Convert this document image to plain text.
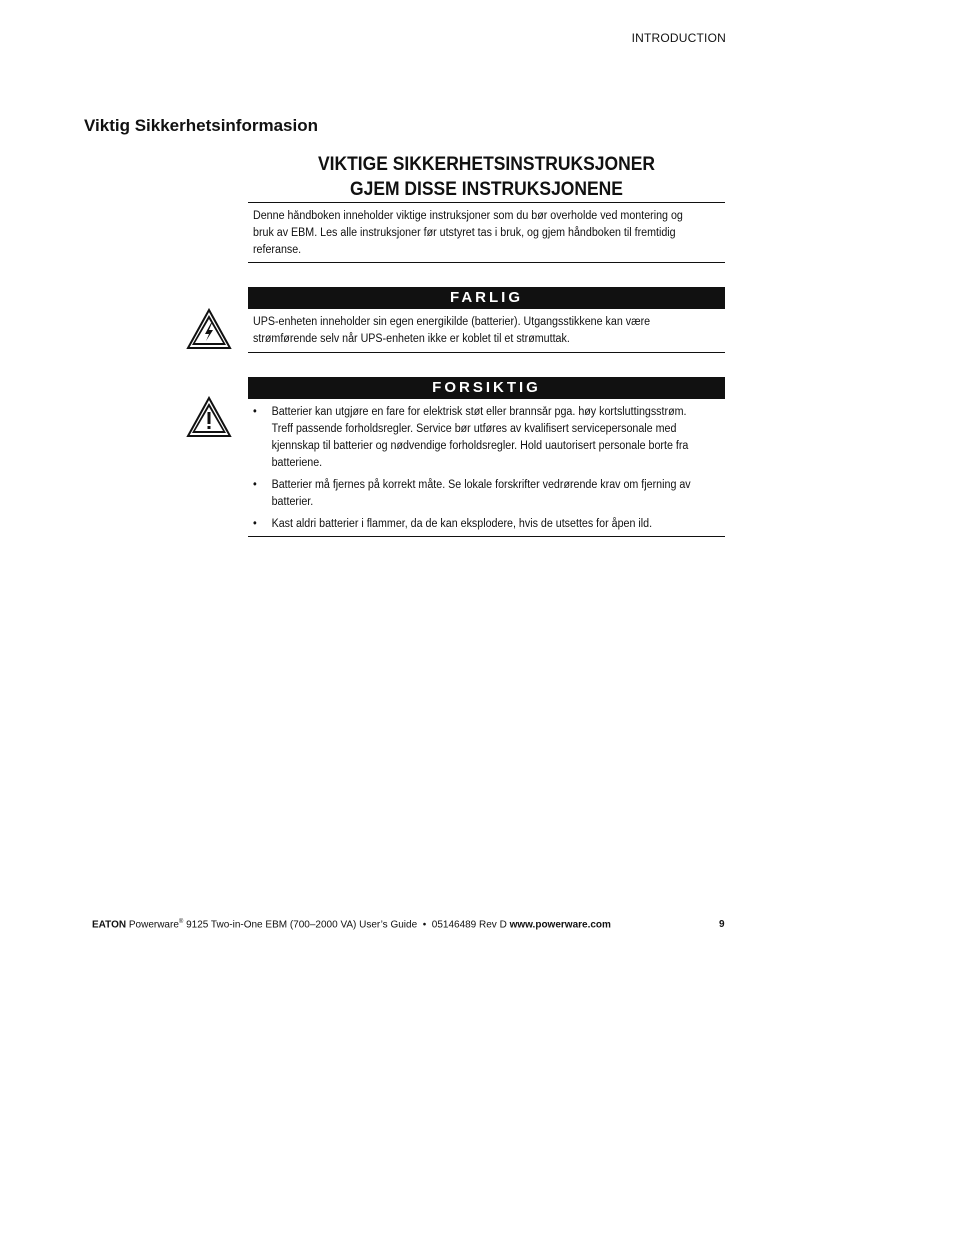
INTRODUCTION
Viktig Sikkerhetsinformasion
VIKTIGE SIKKERHETSINSTRUKSJONER
GJEM DISSE INSTRUKSJONENE
Denne håndboken inneholder viktige instruksjoner som du bør overholde ved montering og bruk av EBM. Les alle instruksjoner før utstyret tas i bruk, og gjem håndboken til fremtidig referanse.
FARLIG
UPS-enheten inneholder sin egen energikilde (batterier). Utgangsstikkene kan være strømførende selv når UPS-enheten ikke er koblet til et strømuttak.
FORSIKTIG
• Batterier kan utgjøre en fare for elektrisk støt eller brannsår pga. høy kortsluttingsstrøm. Treff passende forholdsregler. Service bør utføres av kvalifisert servicepersonale med kjennskap til batterier og nødvendige forholdsregler. Hold uautorisert personale borte fra batteriene.
• Batterier må fjernes på korrekt måte. Se lokale forskrifter vedrørende krav om fjerning av batterier.
• Kast aldri batterier i flammer, da de kan eksplodere, hvis de utsettes for åpen ild.
EATON Powerware® 9125 Two-in-One EBM (700–2000 VA) User’s Guide  •  05146489 Rev D www.powerware.com	9
